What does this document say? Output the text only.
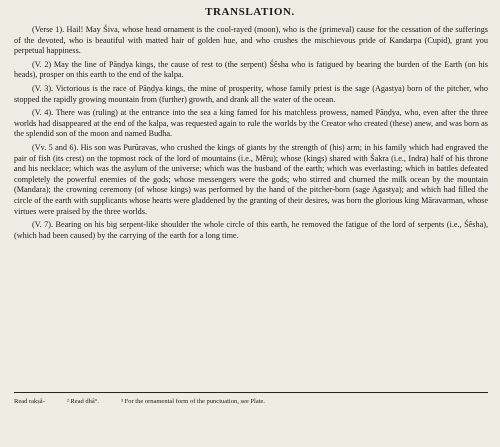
TRANSLATION.

(Verse 1). Hail! May Śiva, whose head ornament is the cool-rayed (moon), who is the (primeval) cause for the cessation of the sufferings of the devoted, who is beautiful with matted hair of golden hue, and who crushes the mischievous pride of Kandarpa (Cupid), grant you perpetual happiness.

(V. 2) May the line of Pāṇḍya kings, the cause of rest to (the serpent) Śêsha who is fatigued by bearing the burden of the Earth (on his heads), prosper on this earth to the end of the kalpa.

(V. 3). Victorious is the race of Pāṇḍya kings, the mine of prosperity, whose family priest is the sage (Agastya) born of the pitcher, who stopped the rapidly growing mountain from (further) growth, and drank all the water of the ocean.

(V. 4). There was (ruling) at the entrance into the sea a king famed for his matchless prowess, named Pāṇḍya, who, even after the three worlds had disappeared at the end of the kalpa, was requested again to rule the worlds by the Creator who created (these) anew, and was born as the splendid son of the moon and named Budha.

(Vv. 5 and 6). His son was Purūravas, who crushed the kings of giants by the strength of (his) arm; in his family which had engraved the pair of fish (its crest) on the topmost rock of the lord of mountains (i.e., Mêru); whose (kings) shared with Śakra (i.e., Indra) half of his throne and his necklace; which was the asylum of the universe; which was the husband of the earth; which was everlasting; which in battles defeated completely the powerful enemies of the gods; whose messengers were the gods; who stirred and churned the milk ocean by the mountain (Mandara); the crowning ceremony (of whose kings) was performed by the hand of the pitcher-born (sage Agastya); and which had filled the circle of the earth with supplicants whose hearts were gladdened by the granting of their desires, was born the glorious king Māravarman, whose virtues were praised by the three worlds.

(V. 7). Bearing on his big serpent-like shoulder the whole circle of this earth, he removed the fatigue of the lord of serpents (i.e., Śêsha), (which had been caused) by the carrying of the earth for a long time.

Read rakṣâ-	² Read dhâ°.	³ For the ornamental form of the punctuation, see Plate.
